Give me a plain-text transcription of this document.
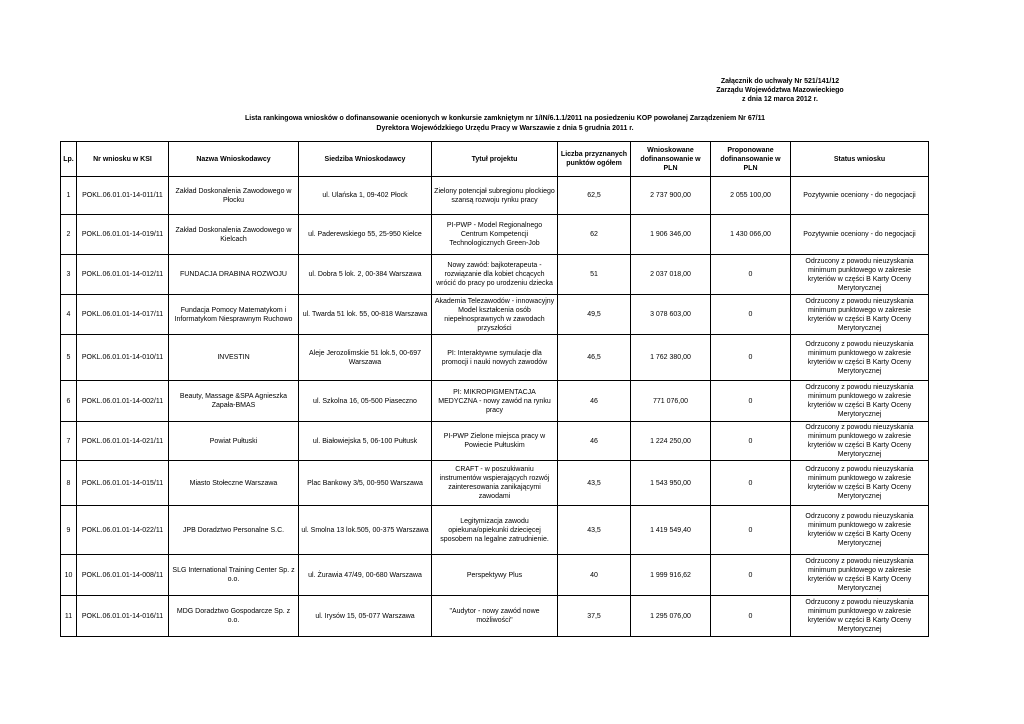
Załącznik do uchwały Nr 521/141/12
Zarządu Województwa Mazowieckiego
z dnia 12 marca 2012 r.
Lista rankingowa wniosków o dofinansowanie ocenionych w konkursie zamkniętym nr 1/IN/6.1.1/2011 na posiedzeniu KOP powołanej Zarządzeniem Nr 67/11
Dyrektora Wojewódzkiego Urzędu Pracy w Warszawie z dnia 5 grudnia 2011 r.
Lp.	Nr wniosku w KSI	Nazwa Wnioskodawcy	Siedziba Wnioskodawcy	Tytuł projektu	Liczba przyznanych punktów ogółem	Wnioskowane dofinansowanie w PLN	Proponowane dofinansowanie w PLN	Status wniosku
1	POKL.06.01.01-14-011/11	Zakład Doskonalenia Zawodowego w Płocku	ul. Ulańska 1, 09-402 Płock	Zielony potencjał subregionu płockiego szansą rozwoju rynku pracy	62,5	2 737 900,00	2 055 100,00	Pozytywnie oceniony - do negocjacji
2	POKL.06.01.01-14-019/11	Zakład Doskonalenia Zawodowego w Kielcach	ul. Paderewskiego 55, 25-950 Kielce	PI-PWP - Model Regionalnego Centrum Kompetencji Technologicznych Green-Job	62	1 906 346,00	1 430 066,00	Pozytywnie oceniony - do negocjacji
3	POKL.06.01.01-14-012/11	FUNDACJA DRABINA ROZWOJU	ul. Dobra 5 lok. 2, 00-384 Warszawa	Nowy zawód: bajkoterapeuta - rozwiązanie dla kobiet chcących wrócić do pracy po urodzeniu dziecka	51	2 037 018,00	0	Odrzucony z powodu nieuzyskania minimum punktowego w zakresie kryteriów w części B Karty Oceny Merytorycznej
4	POKL.06.01.01-14-017/11	Fundacja Pomocy Matematykom i Informatykom Niesprawnym Ruchowo	ul. Twarda 51 lok. 55, 00-818 Warszawa	Akademia Telezawodów - innowacyjny Model kształcenia osób niepełnosprawnych w zawodach przyszłości	49,5	3 078 603,00	0	Odrzucony z powodu nieuzyskania minimum punktowego w zakresie kryteriów w części B Karty Oceny Merytorycznej
5	POKL.06.01.01-14-010/11	INVESTIN	Aleje Jerozolimskie 51 lok.5, 00-697 Warszawa	PI: Interaktywne symulacje dla promocji i nauki nowych zawodów	46,5	1 762 380,00	0	Odrzucony z powodu nieuzyskania minimum punktowego w zakresie kryteriów w części B Karty Oceny Merytorycznej
6	POKL.06.01.01-14-002/11	Beauty, Massage &SPA Agnieszka Zapała-BMAS	ul. Szkolna 16, 05-500 Piaseczno	PI: MIKROPIGMENTACJA MEDYCZNA - nowy zawód na rynku pracy	46	771 076,00	0	Odrzucony z powodu nieuzyskania minimum punktowego w zakresie kryteriów w części B Karty Oceny Merytorycznej
7	POKL.06.01.01-14-021/11	Powiat Pułtuski	ul. Białowiejska 5, 06-100 Pułtusk	PI-PWP Zielone miejsca pracy w Powiecie Pułtuskim	46	1 224 250,00	0	Odrzucony z powodu nieuzyskania minimum punktowego w zakresie kryteriów w części B Karty Oceny Merytorycznej
8	POKL.06.01.01-14-015/11	Miasto Stołeczne Warszawa	Plac Bankowy 3/5, 00-950 Warszawa	CRAFT - w poszukiwaniu instrumentów wspierających rozwój zainteresowania zanikającymi zawodami	43,5	1 543 950,00	0	Odrzucony z powodu nieuzyskania minimum punktowego w zakresie kryteriów w części B Karty Oceny Merytorycznej
9	POKL.06.01.01-14-022/11	JPB Doradztwo Personalne S.C.	ul. Smolna 13 lok.505, 00-375 Warszawa	Legitymizacja zawodu opiekuna/opiekunki dziecięcej sposobem na legalne zatrudnienie.	43,5	1 419 549,40	0	Odrzucony z powodu nieuzyskania minimum punktowego w zakresie kryteriów w części B Karty Oceny Merytorycznej
10	POKL.06.01.01-14-008/11	SLG International Training Center Sp. z o.o.	ul. Żurawia 47/49, 00-680 Warszawa	Perspektywy Plus	40	1 999 916,62	0	Odrzucony z powodu nieuzyskania minimum punktowego w zakresie kryteriów w części B Karty Oceny Merytorycznej
11	POKL.06.01.01-14-016/11	MDG Doradztwo Gospodarcze Sp. z o.o.	ul. Irysów 15, 05-077 Warszawa	"Audytor - nowy zawód nowe możliwości"	37,5	1 295 076,00	0	Odrzucony z powodu nieuzyskania minimum punktowego w zakresie kryteriów w części B Karty Oceny Merytorycznej
